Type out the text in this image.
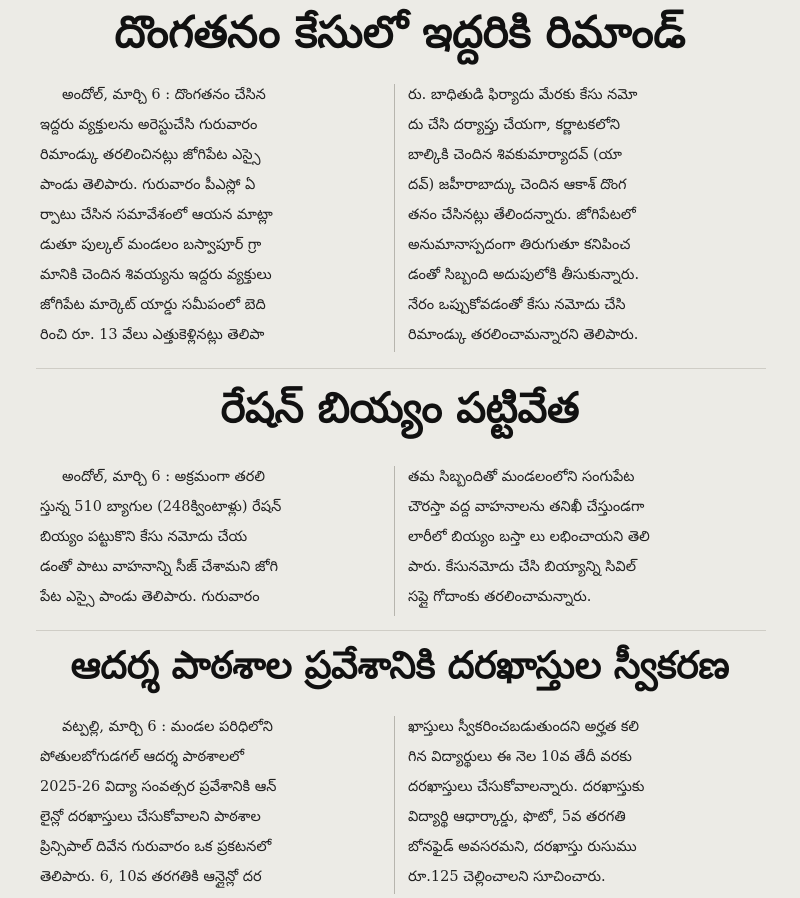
దొంగతనం కేసులో ఇద్దరికి రిమాండ్
అందోల్, మార్చి 6 : దొంగతనం చేసిన
ఇద్దరు వ్యక్తులను అరెస్టుచేసి గురువారం
రిమాండ్కు తరలించినట్లు జోగిపేట ఎస్సై
పాండు తెలిపారు. గురువారం పీఎస్లో ఏ
ర్పాటు చేసిన సమావేశంలో ఆయన మాట్లా
డుతూ పుల్కల్ మండలం బస్వాపూర్ గ్రా
మానికి చెందిన శివయ్యను ఇద్దరు వ్యక్తులు
జోగిపేట మార్కెట్ యార్డు సమీపంలో బెది
రించి రూ. 13 వేలు ఎత్తుకెళ్లినట్లు తెలిపా
రు. బాధితుడి ఫిర్యాదు మేరకు కేసు నమో
దు చేసి దర్యాప్తు చేయగా, కర్ణాటకలోని
బాల్కికి చెందిన శివకుమార్యాదవ్ (యా
దవ్) జహీరాబాద్కు చెందిన ఆకాశ్ దొంగ
తనం చేసినట్లు తేలిందన్నారు. జోగిపేటలో
అనుమానాస్పదంగా తిరుగుతూ కనిపించ
డంతో సిబ్బంది అదుపులోకి తీసుకున్నారు.
నేరం ఒప్పుకోవడంతో కేసు నమోదు చేసి
రిమాండ్కు తరలించామన్నారని తెలిపారు.
రేషన్ బియ్యం పట్టివేత
అందోల్, మార్చి 6 : అక్రమంగా తరలి
స్తున్న 510 బ్యాగుల (248క్వింటాళ్లు) రేషన్
బియ్యం పట్టుకొని కేసు నమోదు చేయ
డంతో పాటు వాహనాన్ని సీజ్ చేశామని జోగి
పేట ఎస్సై పాండు తెలిపారు. గురువారం
తమ సిబ్బందితో మండలంలోని సంగుపేట
చౌరస్తా వద్ద వాహనాలను తనిఖీ చేస్తుండగా
లారీలో బియ్యం బస్తా లు లభించాయని తెలి
పారు. కేసునమోదు చేసి బియ్యాన్ని సివిల్
సప్లై గోదాంకు తరలించామన్నారు.
ఆదర్శ పాఠశాల ప్రవేశానికి దరఖాస్తుల స్వీకరణ
వట్పల్లి, మార్చి 6 : మండల పరిధిలోని
పోతులబోగుడగల్ ఆదర్శ పాఠశాలలో
2025-26 విద్యా సంవత్సర ప్రవేశానికి ఆన్
లైన్లో దరఖాస్తులు చేసుకోవాలని పాఠశాల
ప్రిన్సిపాల్ దివేన గురువారం ఒక ప్రకటనలో
తెలిపారు. 6, 10వ తరగతికి ఆన్లైన్లో దర
ఖాస్తులు స్వీకరించబడుతుందని అర్హత కలి
గిన విద్యార్థులు ఈ నెల 10వ తేదీ వరకు
దరఖాస్తులు చేసుకోవాలన్నారు. దరఖాస్తుకు
విద్యార్థి ఆధార్కార్డు, ఫొటో, 5వ తరగతి
బోనఫైడ్ అవసరమని, దరఖాస్తు రుసుము
రూ.125 చెల్లించాలని సూచించారు.
